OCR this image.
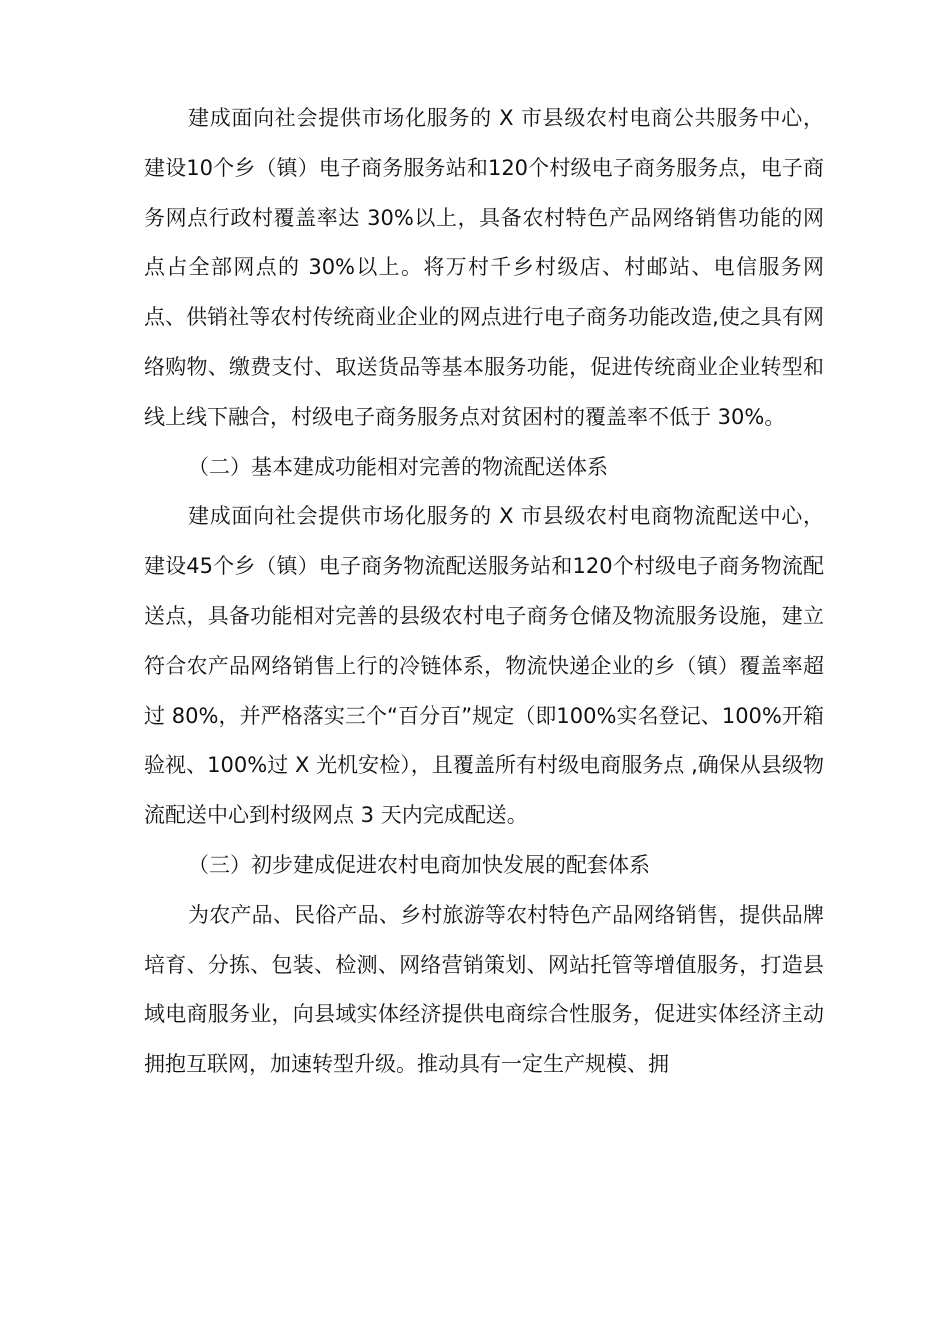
建成面向社会提供市场化服务的 X 市县级农村电商公共服务中心，建设10个乡（镇）电子商务服务站和120个村级电子商务服务点，电子商务网点行政村覆盖率达 30%以上，具备农村特色产品网络销售功能的网点占全部网点的 30%以上。将万村千乡村级店、村邮站、电信服务网点、供销社等农村传统商业企业的网点进行电子商务功能改造,使之具有网络购物、缴费支付、取送货品等基本服务功能，促进传统商业企业转型和线上线下融合，村级电子商务服务点对贫困村的覆盖率不低于 30%。

（二）基本建成功能相对完善的物流配送体系

建成面向社会提供市场化服务的 X 市县级农村电商物流配送中心，建设45个乡（镇）电子商务物流配送服务站和120个村级电子商务物流配送点，具备功能相对完善的县级农村电子商务仓储及物流服务设施，建立符合农产品网络销售上行的冷链体系，物流快递企业的乡（镇）覆盖率超过 80%，并严格落实三个“百分百”规定（即100%实名登记、100%开箱验视、100%过 X 光机安检），且覆盖所有村级电商服务点 ,确保从县级物流配送中心到村级网点 3 天内完成配送。

（三）初步建成促进农村电商加快发展的配套体系

为农产品、民俗产品、乡村旅游等农村特色产品网络销售，提供品牌培育、分拣、包装、检测、网络营销策划、网站托管等增值服务，打造县域电商服务业，向县域实体经济提供电商综合性服务，促进实体经济主动拥抱互联网，加速转型升级。推动具有一定生产规模、拥
